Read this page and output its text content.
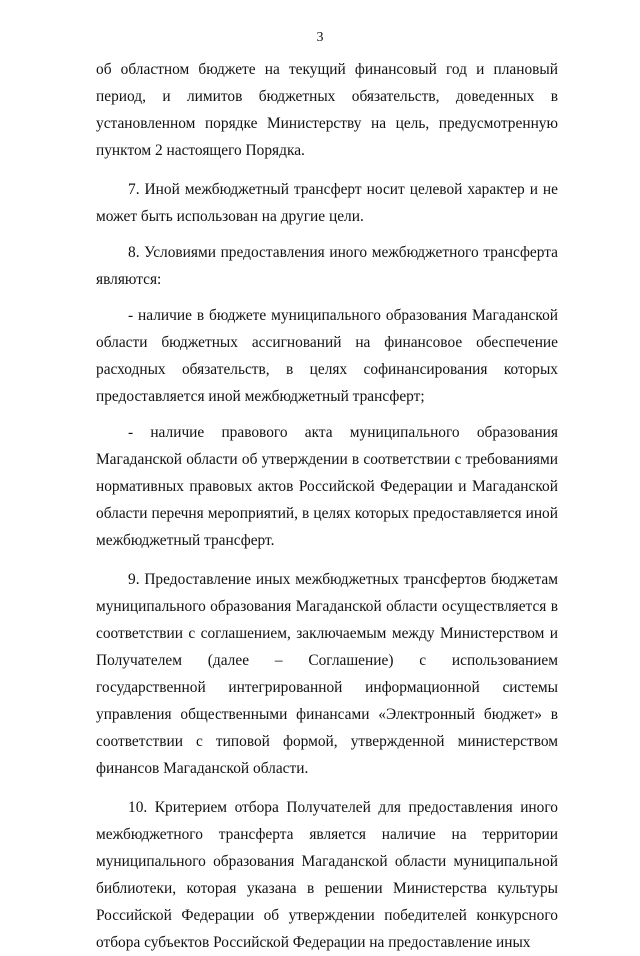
3

об областном бюджете на текущий финансовый год и плановый период, и лимитов бюджетных обязательств, доведенных в установленном порядке Министерству на цель, предусмотренную пунктом 2 настоящего Порядка.

7. Иной межбюджетный трансферт носит целевой характер и не может быть использован на другие цели.

8. Условиями предоставления иного межбюджетного трансферта являются:

- наличие в бюджете муниципального образования Магаданской области бюджетных ассигнований на финансовое обеспечение расходных обязательств, в целях софинансирования которых предоставляется иной межбюджетный трансферт;

- наличие правового акта муниципального образования Магаданской области об утверждении в соответствии с требованиями нормативных правовых актов Российской Федерации и Магаданской области перечня мероприятий, в целях которых предоставляется иной межбюджетный трансферт.

9. Предоставление иных межбюджетных трансфертов бюджетам муниципального образования Магаданской области осуществляется в соответствии с соглашением, заключаемым между Министерством и Получателем (далее – Соглашение) с использованием государственной интегрированной информационной системы управления общественными финансами «Электронный бюджет» в соответствии с типовой формой, утвержденной министерством финансов Магаданской области.

10. Критерием отбора Получателей для предоставления иного межбюджетного трансферта является наличие на территории муниципального образования Магаданской области муниципальной библиотеки, которая указана в решении Министерства культуры Российской Федерации об утверждении победителей конкурсного отбора субъектов Российской Федерации на предоставление иных
